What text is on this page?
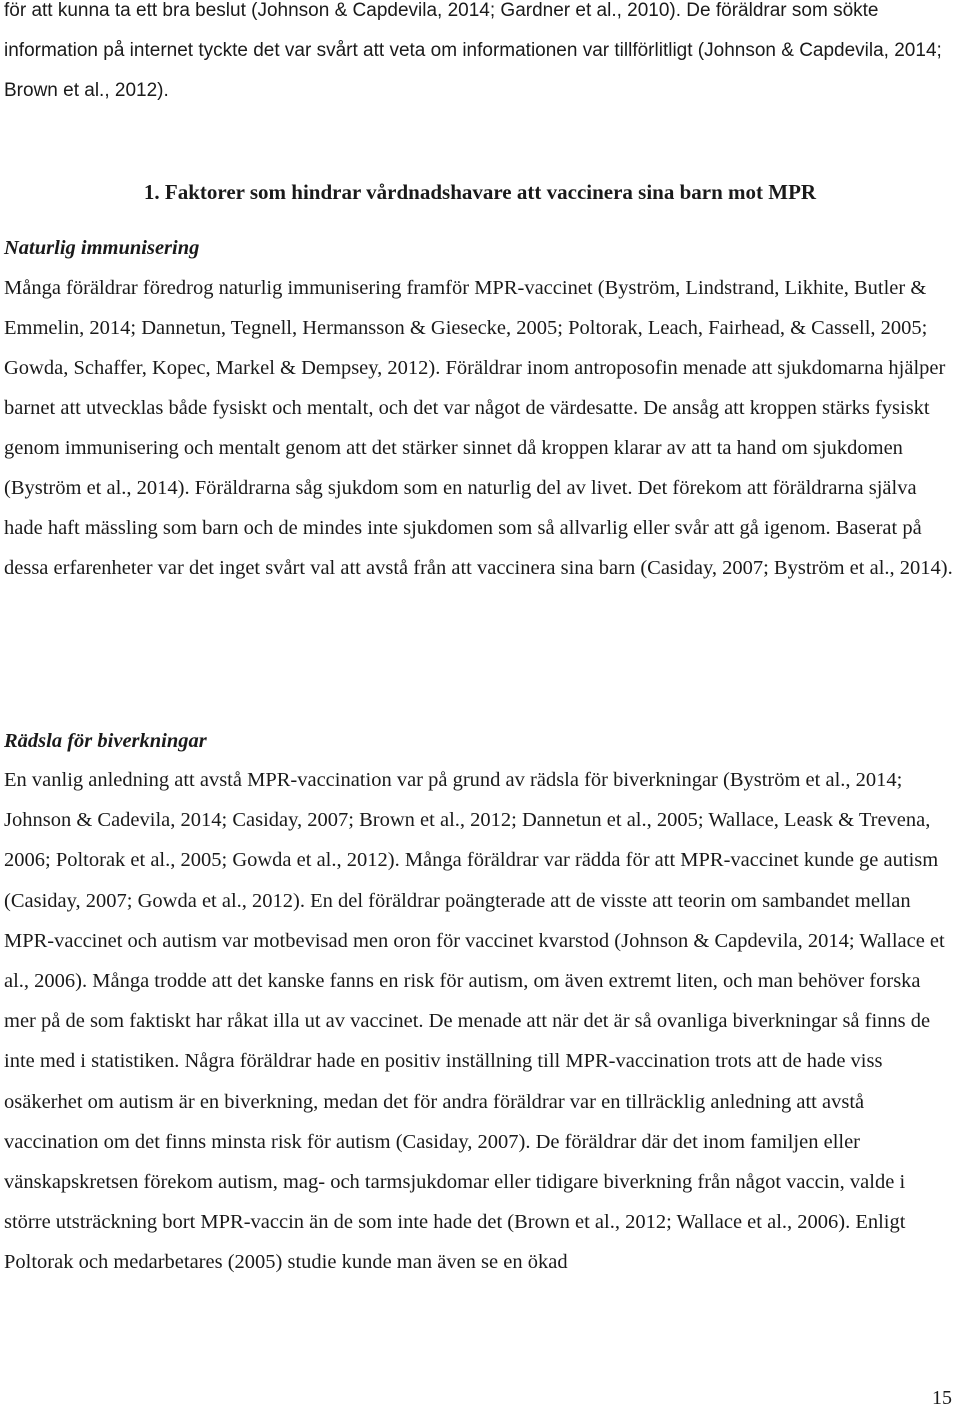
för att kunna ta ett bra beslut (Johnson & Capdevila, 2014; Gardner et al., 2010). De föräldrar som sökte information på internet tyckte det var svårt att veta om informationen var tillförlitligt (Johnson & Capdevila, 2014; Brown et al., 2012).

1. Faktorer som hindrar vårdnadshavare att vaccinera sina barn mot MPR
Naturlig immunisering

Många föräldrar föredrog naturlig immunisering framför MPR-vaccinet (Byström, Lindstrand, Likhite, Butler & Emmelin, 2014; Dannetun, Tegnell, Hermansson & Giesecke, 2005; Poltorak, Leach, Fairhead, & Cassell, 2005; Gowda, Schaffer, Kopec, Markel & Dempsey, 2012). Föräldrar inom antroposofin menade att sjukdomarna hjälper barnet att utvecklas både fysiskt och mentalt, och det var något de värdesatte. De ansåg att kroppen stärks fysiskt genom immunisering och mentalt genom att det stärker sinnet då kroppen klarar av att ta hand om sjukdomen (Byström et al., 2014). Föräldrarna såg sjukdom som en naturlig del av livet. Det förekom att föräldrarna själva hade haft mässling som barn och de mindes inte sjukdomen som så allvarlig eller svår att gå igenom. Baserat på dessa erfarenheter var det inget svårt val att avstå från att vaccinera sina barn (Casiday, 2007; Byström et al., 2014).

Rädsla för biverkningar

En vanlig anledning att avstå MPR-vaccination var på grund av rädsla för biverkningar (Byström et al., 2014; Johnson & Cadevila, 2014; Casiday, 2007; Brown et al., 2012; Dannetun et al., 2005; Wallace, Leask & Trevena, 2006; Poltorak et al., 2005; Gowda et al., 2012). Många föräldrar var rädda för att MPR-vaccinet kunde ge autism (Casiday, 2007; Gowda et al., 2012). En del föräldrar poängterade att de visste att teorin om sambandet mellan MPR-vaccinet och autism var motbevisad men oron för vaccinet kvarstod (Johnson & Capdevila, 2014; Wallace et al., 2006). Många trodde att det kanske fanns en risk för autism, om även extremt liten, och man behöver forska mer på de som faktiskt har råkat illa ut av vaccinet. De menade att när det är så ovanliga biverkningar så finns de inte med i statistiken. Några föräldrar hade en positiv inställning till MPR-vaccination trots att de hade viss osäkerhet om autism är en biverkning, medan det för andra föräldrar var en tillräcklig anledning att avstå vaccination om det finns minsta risk för autism (Casiday, 2007). De föräldrar där det inom familjen eller vänskapskretsen förekom autism, mag- och tarmsjukdomar eller tidigare biverkning från något vaccin, valde i större utsträckning bort MPR-vaccin än de som inte hade det (Brown et al., 2012; Wallace et al., 2006). Enligt Poltorak och medarbetares (2005) studie kunde man även se en ökad

15
